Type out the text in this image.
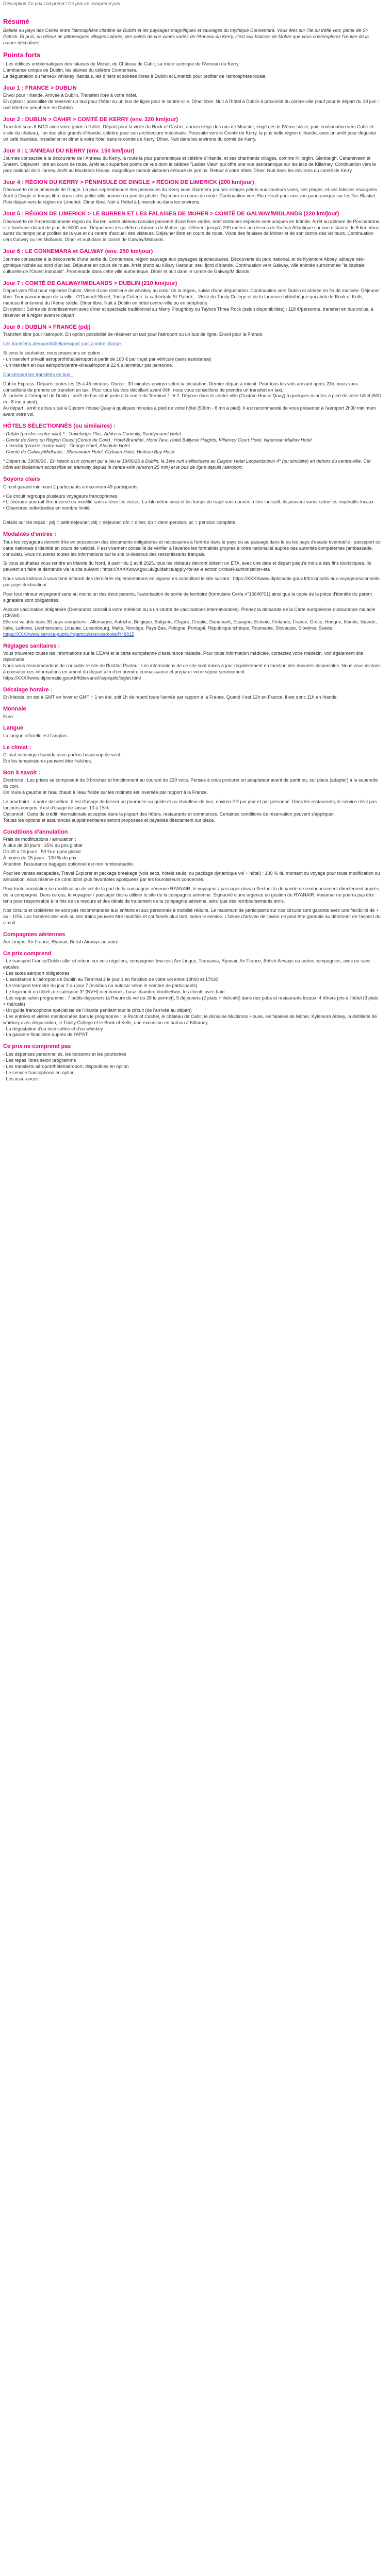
Description Ce prix comprend / Ce prix ne comprend pas
Résumé

Balade au pays des Celtes entre l'atmosphère citadine de Dublin et les paysages magnifiques et sauvages du mythique Connemara. Vous êtes sur l'île du trèfle vert, patrie de St-Patrick. Et puis, au détour de pittoresques villages colorés, des points de vue variés variés de l'Anneau du Kerry, c'est aux falaises de Moher que vous contemplerez l'œuvre de la nature déchaînée...

Points forts

- Les édifices emblématiques des falaises de Moher, du Château de Cahir, sa route scénique de l'Anneau du Kerry.

L'ambiance unique de Dublin, les plaines du célèbre Connemara.

La dégustation du fameux whiskey irlandais, les dîners et soirées libres à Dublin et Limerick pour profiter de l'atmosphère locale.

Jour 1 : FRANCE > DUBLIN

Envol pour l'Irlande. Arrivée à Dublin. Transfert libre à votre hôtel.
En option : possibilité de réserver un taxi pour l'hôtel ou un bus de ligne pour le centre-ville. Dîner libre. Nuit à l'hôtel à Dublin à proximité du centre-ville (sauf pour le départ du 19 juin : nuit hôtel en périphérie de Dublin).

Jour 2 : DUBLIN > CAHIR > COMTÉ DE KERRY (env. 320 km/jour)

Transfert sous 6 BOD avec votre guide à l'hôtel. Départ pour la visite du Rock of Cashel, ancien siège des rois de Munster, érigé dès le IVème siècle, puis continuation vers Cahir et visite du château, l'un des plus grands d'Irlande, célèbre pour son architecture médiévale. Poursuite vers le Comté de Kerry, la plus belle région d'Irlande, avec un arrêt pour déguster un café irlandais. Installation et dîner à votre hôtel dans le comté de Kerry. Dîner. Nuit dans les environs du comté de Kerry.

Jour 3 : L'ANNEAU DU KERRY (env. 150 km/jour)

Journée consacrée à la découverte de l'Anneau du Kerry, la route la plus panoramique et célèbre d'Irlande, et ses charmants villages, comme Killorglin, Glenbeigh, Cahersiveen et Sneem. Déjeuner libre en cours de route. Arrêt aux superbes points de vue dont le célèbre "Ladies View" qui offre une vue panoramique sur les lacs de Killarney. Continuation vers le parc national de Killarney. Arrêt au Muckross House, magnifique manoir victorien entouré de jardins. Retour à votre hôtel. Dîner. Nuit dans les environs du comté de Kerry.

Jour 4 : RÉGION DU KERRY > PÉNINSULE DE DINGLE > RÉGION DE LIMERICK (200 km/jour)

Découverte de la péninsule de Dingle. La plus septentrionale des péninsules du Kerry vous charmera par ses villages peints aux couleurs vives, ses plages, et ses falaises escarpées. Arrêt à Dingle et temps libre dans cette petite ville animée du port de pêche. Déjeuner en cours de route. Continuation vers Slea Head pour une vue panoramique sur les îles Blasket. Puis départ vers la région de Limerick. Dîner libre. Nuit à l'hôtel à Limerick ou dans les environs.

Jour 5 : RÉGION DE LIMERICK > LE BURREN ET LES FALAISES DE MOHER > COMTÉ DE GALWAY/MIDLANDS (220 km/jour)

Découverte de l'impressionnante région du Burren, vaste plateau calcaire parsemé d'une flore variée, dont certaines espèces sont uniques en Irlande. Arrêt au dolmen de Poulnabrone, site funéraire datant de plus de 5000 ans. Départ vers les célèbres falaises de Moher, qui s'élèvent jusqu'à 200 mètres au-dessus de l'océan Atlantique sur une distance de 8 km. Vous aurez du temps pour profiter de la vue et du centre d'accueil des visiteurs. Déjeuner libre en cours de route. Visite des falaises de Moher et de son centre des visiteurs. Continuation vers Galway ou les Midlands. Dîner et nuit dans le comté de Galway/Midlands.

Jour 6 : LE CONNEMARA et GALWAY (env. 250 km/jour)

Journée consacrée à la découverte d'une partie du Connemara, région sauvage aux paysages spectaculaires. Découverte du parc national, et de Kylemore Abbey, abbaye néo-gothique nichée au bord d'un lac. Déjeuner en cours de route. Arrêt photo au Killary Harbour, seul fjord d'Irlande. Continuation vers Galway, ville animée surnommée "la capitale culturelle de l'Ouest irlandais". Promenade dans cette ville authentique. Dîner et nuit dans le comté de Galway/Midlands.

Jour 7 : COMTÉ DE GALWAY/MIDLANDS > DUBLIN (210 km/jour)

Départ vers l'Est pour rejoindre Dublin. Visite d'une distillerie de whiskey au cœur de la région, suivie d'une dégustation. Continuation vers Dublin et arrivée en fin de matinée. Déjeuner libre. Tour panoramique de la ville : O'Connell Street, Trinity College, la cathédrale St-Patrick... Visite du Trinity College et de la fameuse bibliothèque qui abrite le Book of Kells, manuscrit enluminé du IXème siècle. Dîner libre. Nuit à Dublin en hôtel centre-ville ou en périphérie.
En option : Soirée de divertissement avec dîner et spectacle traditionnel au Merry Ploughboy ou Taylors Three Rock (selon disponibilités) : 118 €/personne, transfert en bus inclus, à réserver et à régler avant le départ.

Jour 8 : DUBLIN > FRANCE (pdj)

Transfert libre pour l'aéroport. En option possibilité de réserver un taxi pour l'aéroport ou un bus de ligne. Envol pour la France.

Les transferts aéroport/hôtel/aéroport sont à votre charge.

Si vous le souhaitez, nous proposons en option :
- un transfert privatif aéroport/hôtel/aéroport à partir de 160 € par trajet par véhicule (sans assistance)
- un transfert en bus aéroport/centre-ville/aéroport à 22 € aller/retour par personne.

Concernant les transferts en bus :

Dublin Express. Départs toutes les 15 à 45 minutes. Durée : 30 minutes environ selon la circulation. Dernier départ à minuit. Pour tous les vols arrivant après 23h, nous vous conseillons de prendre un transfert en taxi. Pour tous les vols décollant avant 06h, nous vous conseillons de prendre un transfert en taxi.
À l'arrivée à l'aéroport de Dublin : arrêt de bus situé juste à la sortie du Terminal 1 et 2. Dépose dans le centre-ville (Custom House Quay) à quelques minutes à pied de votre hôtel (500 m - 8 mn à pied).
Au départ : arrêt de bus situé à Custom House Quay à quelques minutes à pied de votre hôtel (500m - 8 mn à pied). Il est recommandé de vous présenter à l'aéroport 2h30 minimum avant votre vol.

HÔTELS SÉLECTIONNÉS (ou similaires) :

- Dublin (proche centre-ville) * : Travelodge Plus, Address Connolly, Sandymount Hotel

- Comté de Kerry ou Région Ouest (Comté de Cork) : Hotel Brandon, Hotel Tara, Hotel Ballyroe Heights, Killarney Court Hotel, Hibernian Mallow Hotel

- Limerick (proche centre-ville) : George Hotel, Absolute Hotel

- Comté de Galway/Midlands : Shearwater Hotel, Clybaun Hotel, Hodson Bay Hotel

* Départ du 19/06/26 : En raison d'un concert qui a lieu le 19/06/26 à Dublin, la 1ère nuit s'effectuera au Clayton Hotel Leopardstown 4* (ou similaire) en dehors du centre-ville. Cet hôtel est facilement accessible en tramway depuis le centre-ville (environ 25 min) et le bus de ligne depuis l'aéroport.

Soyons clairs

Circuit garanti minimum 2 participants à maximum 49 participants

• Ce circuit regroupe plusieurs voyageurs francophones.

• L'itinéraire pourrait être inversé ou modifié sans altérer les visites. La kilométrie ainsi et les temps de trajet sont donnés à titre indicatif, ils peuvent varier selon les impératifs locaux.

• Chambres individuelles en nombre limité.

Détails sur les repas : pdj = petit-déjeuner, déj = déjeuner, dîn = dîner, dp = demi-pension, pc = pension complète.

Modalités d'entrée :

Tous les voyageurs devront être en possession des documents obligatoires et nécessaires à l'entrée dans le pays ou au passage dans le ou les pays d'escale éventuelle : passeport ou carte nationale d'identité en cours de validité. Il est vivement conseillé de vérifier à l'avance les formalités propres à votre nationalité auprès des autorités compétentes (ambassade, consulat). Vous trouverez toutes les informations sur le site ci-dessous des ressortissants français.

Si vous souhaitez vous rendre en Irlande du Nord, à partir du 2 avril 2025, tous les visiteurs devront obtenir un ETA, avec une date et départ jusqu'à mois à des fins touristiques. Ils peuvent en faire la demande via le site suivant : https://XXXXwww.gov.uk/guidance/apply-for-an-electronic-travel-authorisation-eta

Nous vous invitons à vous tenir informé des dernières réglementations en vigueur en consultant le site suivant : https://XXXXwww.diplomatie.gouv.fr/fr/conseils-aux-voyageurs/conseils-par-pays-destination/

Pour tout mineur voyageant sans au moins un des deux parents, l'autorisation de sortie de territoire (formulaire Cerfa n°15646*01) ainsi que la copie de la pièce d'identité du parent signataire sont obligatoires.

Aucune vaccination obligatoire (Demandez conseil à votre médecin ou à un centre de vaccinations internationales). Prenez la demande de la Carte européenne d'assurance maladie (CEAM) :

Elle est valable dans 30 pays européens : Allemagne, Autriche, Belgique, Bulgarie, Chypre, Croatie, Danemark, Espagne, Estonie, Finlande, France, Grèce, Hongrie, Irlande, Islande, Italie, Lettonie, Liechtenstein, Lituanie, Luxembourg, Malte, Norvège, Pays-Bas, Pologne, Portugal, République tchèque, Roumanie, Slovaquie, Slovénie, Suède.

https://XXXXwww.service-public.fr/particuliers/vosdroits/R48815

Réglages sanitaires :

Vous trouverez toutes les informations sur la CEAM et la carte européenne d'assurance maladie. Pour toute information médicale, contactez votre médecin, voir également site diplomatie.
Nous vous recommandons de consulter le site de l'Institut Pasteur. Les informations de ce site sont mises à jour régulièrement en fonction des données disponibles. Nous vous invitons à consulter ces informations en amont du départ afin d'en prendre connaissance et préparer votre séjour sereinement. https://XXXXwww.diplomatie.gouv.fr/fdiier/ans/l/is/ploplic/loglet.html

Décalage horaire :

En Irlande, on est à GMT en hiver et GMT + 1 en été, soit 1h de retard toute l'année par rapport à la France. Quand il est 12h en France, il est donc 11h en Irlande.

Monnaie

Euro

Langue

La langue officielle est l'anglais.

Le climat :

Climat océanique humide avec parfois beaucoup de vent.
Été les températures peuvent être fraîches.

Bon à savoir :

Électricité : Les prises se composent de 3 broches et fonctionnent au courant de 220 volts. Pensez à vous procurer un adaptateur avant de partir ou, sur place (adapter) à la superette du coin.
On roule à gauche et l'eau chaud à l'eau froide sur les robinets est inversée par rapport à la France.

Le pourboire : à votre discrétion. Il est d'usage de laisser un pourboire au guide et au chauffeur de bus, environ 2 € par jour et par personne. Dans les restaurants, le service n'est pas toujours compris, il est d'usage de laisser 10 à 15%.
Optionnel : Carte de crédit internationale acceptée dans la plupart des hôtels, restaurants et commerces. Certaines conditions de réservation peuvent s'appliquer.
Toutes les options et assurances supplémentaires seront proposées et payables directement sur place.

Conditions d'annulation

Frais de modifications / annulation :
À plus de 30 jours : 35% du prix global
De 30 à 15 jours : 50 % du prix global
À moins de 15 jours : 100 % du prix
Attention, l'assurance bagages optionnel est non remboursable.

Pour les ventes escapades, Travel Explorer et package breakage (vols secs, hôtels seuls, ou package dynamique vol + hôtel) : 100 % du montant du voyage pour toute modification ou annulation, sous réserve de conditions plus favorables appliquées par les fournisseurs concernés.

Pour toute annulation ou modification de vol de la part de la compagnie aérienne RYANAIR, le voyageur / passager devra effectuer la demande de remboursement directement auprès de la compagnie. Dans ce cas, le voyageur / passager devra utiliser le site de la compagnie aérienne. Signaurié d'une urgence en gestion de RYANAIR. Voyamar ne pourra pas être tenu pour responsable à la fois de ce recours et des délais de traitement de la compagnie aérienne, ainsi que des remboursements émis.

Nos circuits et croisières ne sont pas recommandés aux enfants et aux personnes à mobilité réduite. Le maximum de participants sur nos circuits sont garantis avec une flexibilité de + ou - 10%. Les horaires des vols ou des trains peuvent être modifiés et confirmés plus tard, selon le service. L'heure d'arrivée de l'avion ne peut être garantie au détriment de l'aspect du circuit.

Compagnies aériennes

Aer Lingus, Air France, Ryanair, British Airways ou autre

Ce prix comprend

- Le transport France/Dublin aller et retour, sur vols réguliers, compagnies low-cost Aer Lingus, Transavia, Ryanair, Air France, British Airways ou autres compagnies, avec ou sans escales

- Les taxes aéroport obligatoires

- L'assistance à l'aéroport de Dublin au Terminal 2 le jour 1 en fonction de votre vol entre 10h00 et 17h30

- Le transport terrestre du jour 2 au jour 7 (minibus ou autocar selon le nombre de participants)

- Le logement en hôtels de catégorie 3* (NVH) mentionnés, base chambre double/twin, les clients avec bain

- Les repas selon programme : 7 petits-déjeuners (à l'heure du vol du 28 le permet), 5 déjeuners (2 plats + thé/café) dans des pubs et restaurants locaux, 4 dîners pris à l'hôtel (3 plats + thé/café)

- Un guide francophone spécialiste de l'Irlande pendant tout le circuit (de l'arrivée au départ)

- Les entrées et visites mentionnées dans le programme : le Rock of Cashel, le château de Cahir, le domaine Muckross House, les falaises de Moher, Kylemore Abbey, la distillerie de whiskey avec dégustation, le Trinity College et le Book of Kells, une excursion en bateau à Killarney

- La dégustation d'un irish coffee et d'un whiskey

- La garantie financière auprès de l'APST

Ce prix ne comprend pas

- Les dépenses personnelles, les boissons et les pourboires

- Les repas libres selon programme

- Les transferts aéroport/hôtel/aéroport, disponibles en option

- Le service francophone en option

- Les assurances
